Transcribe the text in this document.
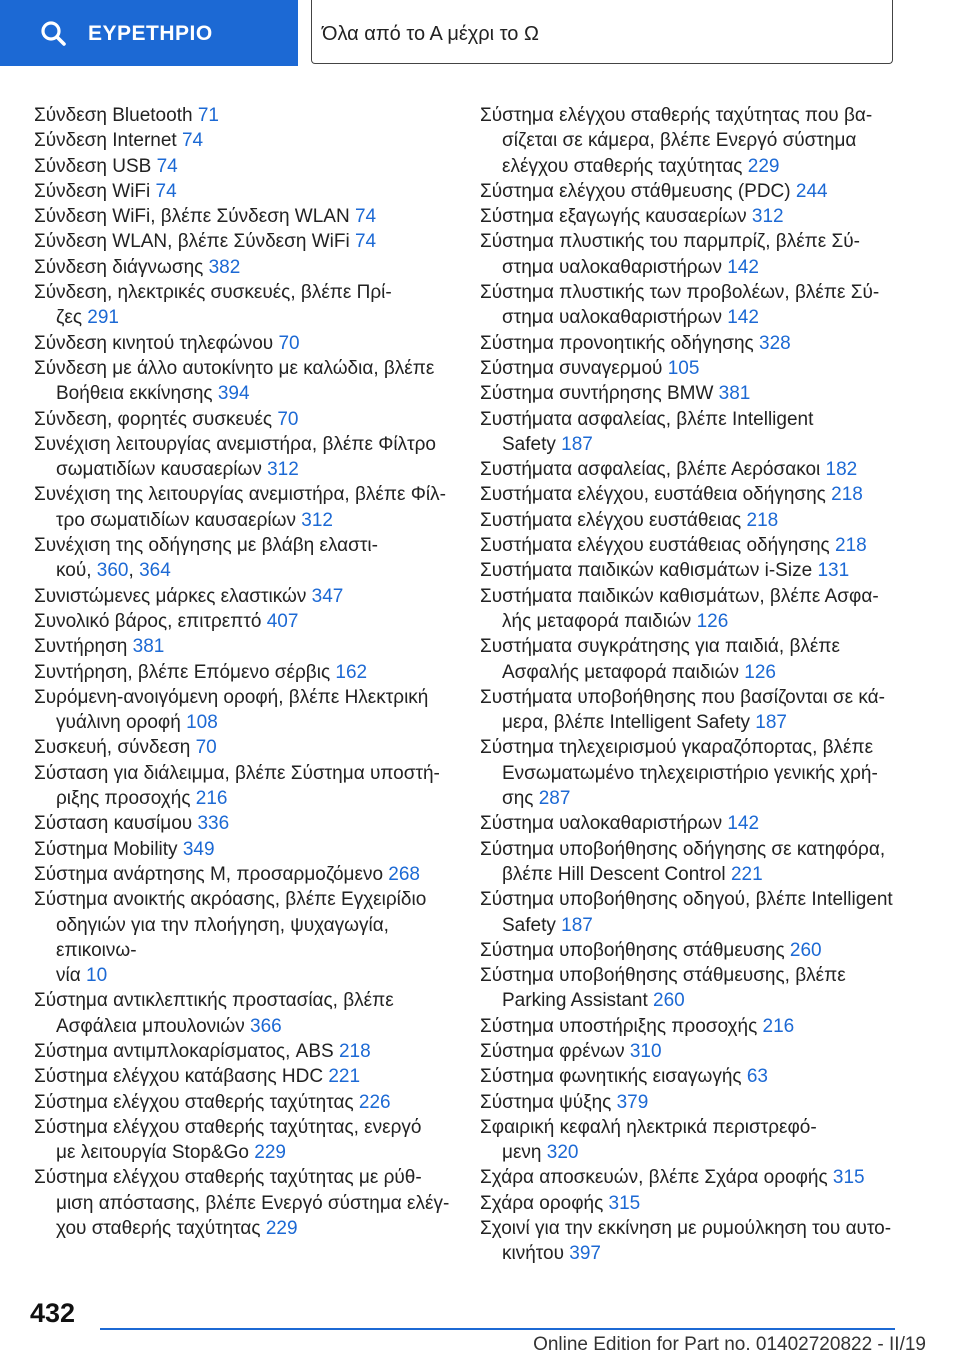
ΕΥΡΕΤΗΡΙΟ	Όλα από το Α μέχρι το Ω
Σύνδεση Bluetooth 71
Σύνδεση Internet 74
Σύνδεση USB 74
Σύνδεση WiFi 74
Σύνδεση WiFi, βλέπε Σύνδεση WLAN 74
Σύνδεση WLAN, βλέπε Σύνδεση WiFi 74
Σύνδεση διάγνωσης 382
Σύνδεση, ηλεκτρικές συσκευές, βλέπε Πρί-
ζες 291
Σύνδεση κινητού τηλεφώνου 70
Σύνδεση με άλλο αυτοκίνητο με καλώδια, βλέπε
Βοήθεια εκκίνησης 394
Σύνδεση, φορητές συσκευές 70
Συνέχιση λειτουργίας ανεμιστήρα, βλέπε Φίλτρο
σωματιδίων καυσαερίων 312
Συνέχιση της λειτουργίας ανεμιστήρα, βλέπε Φίλ-
τρο σωματιδίων καυσαερίων 312
Συνέχιση της οδήγησης με βλάβη ελαστι-
κού, 360, 364
Συνιστώμενες μάρκες ελαστικών 347
Συνολικό βάρος, επιτρεπτό 407
Συντήρηση 381
Συντήρηση, βλέπε Επόμενο σέρβις 162
Συρόμενη-ανοιγόμενη οροφή, βλέπε Ηλεκτρική
γυάλινη οροφή 108
Συσκευή, σύνδεση 70
Σύσταση για διάλειμμα, βλέπε Σύστημα υποστή-
ριξης προσοχής 216
Σύσταση καυσίμου 336
Σύστημα Mobility 349
Σύστημα ανάρτησης Μ, προσαρμοζόμενο 268
Σύστημα ανοικτής ακρόασης, βλέπε Εγχειρίδιο
οδηγιών για την πλοήγηση, ψυχαγωγία, επικοινω-
νία 10
Σύστημα αντικλεπτικής προστασίας, βλέπε
Ασφάλεια μπουλονιών 366
Σύστημα αντιμπλοκαρίσματος, ABS 218
Σύστημα ελέγχου κατάβασης HDC 221
Σύστημα ελέγχου σταθερής ταχύτητας 226
Σύστημα ελέγχου σταθερής ταχύτητας, ενεργό
με λειτουργία Stop&Go 229
Σύστημα ελέγχου σταθερής ταχύτητας με ρύθ-
μιση απόστασης, βλέπε Ενεργό σύστημα ελέγ-
χου σταθερής ταχύτητας 229
Σύστημα ελέγχου σταθερής ταχύτητας που βα-
σίζεται σε κάμερα, βλέπε Ενεργό σύστημα
ελέγχου σταθερής ταχύτητας 229
Σύστημα ελέγχου στάθμευσης (PDC) 244
Σύστημα εξαγωγής καυσαερίων 312
Σύστημα πλυστικής του παρμπρίζ, βλέπε Σύ-
στημα υαλοκαθαριστήρων 142
Σύστημα πλυστικής των προβολέων, βλέπε Σύ-
στημα υαλοκαθαριστήρων 142
Σύστημα προνοητικής οδήγησης 328
Σύστημα συναγερμού 105
Σύστημα συντήρησης BMW 381
Συστήματα ασφαλείας, βλέπε Intelligent
Safety 187
Συστήματα ασφαλείας, βλέπε Αερόσακοι 182
Συστήματα ελέγχου, ευστάθεια οδήγησης 218
Συστήματα ελέγχου ευστάθειας 218
Συστήματα ελέγχου ευστάθειας οδήγησης 218
Συστήματα παιδικών καθισμάτων i-Size 131
Συστήματα παιδικών καθισμάτων, βλέπε Ασφα-
λής μεταφορά παιδιών 126
Συστήματα συγκράτησης για παιδιά, βλέπε
Ασφαλής μεταφορά παιδιών 126
Συστήματα υποβοήθησης που βασίζονται σε κά-
μερα, βλέπε Intelligent Safety 187
Σύστημα τηλεχειρισμού γκαραζόπορτας, βλέπε
Ενσωματωμένο τηλεχειριστήριο γενικής χρή-
σης 287
Σύστημα υαλοκαθαριστήρων 142
Σύστημα υποβοήθησης οδήγησης σε κατηφόρα,
βλέπε Hill Descent Control 221
Σύστημα υποβοήθησης οδηγού, βλέπε Intelligent
Safety 187
Σύστημα υποβοήθησης στάθμευσης 260
Σύστημα υποβοήθησης στάθμευσης, βλέπε
Parking Assistant 260
Σύστημα υποστήριξης προσοχής 216
Σύστημα φρένων 310
Σύστημα φωνητικής εισαγωγής 63
Σύστημα ψύξης 379
Σφαιρική κεφαλή ηλεκτρικά περιστρεφό-
μενη 320
Σχάρα αποσκευών, βλέπε Σχάρα οροφής 315
Σχάρα οροφής 315
Σχοινί για την εκκίνηση με ρυμούλκηση του αυτο-
κινήτου 397
432
Online Edition for Part no. 01402720822 - II/19
